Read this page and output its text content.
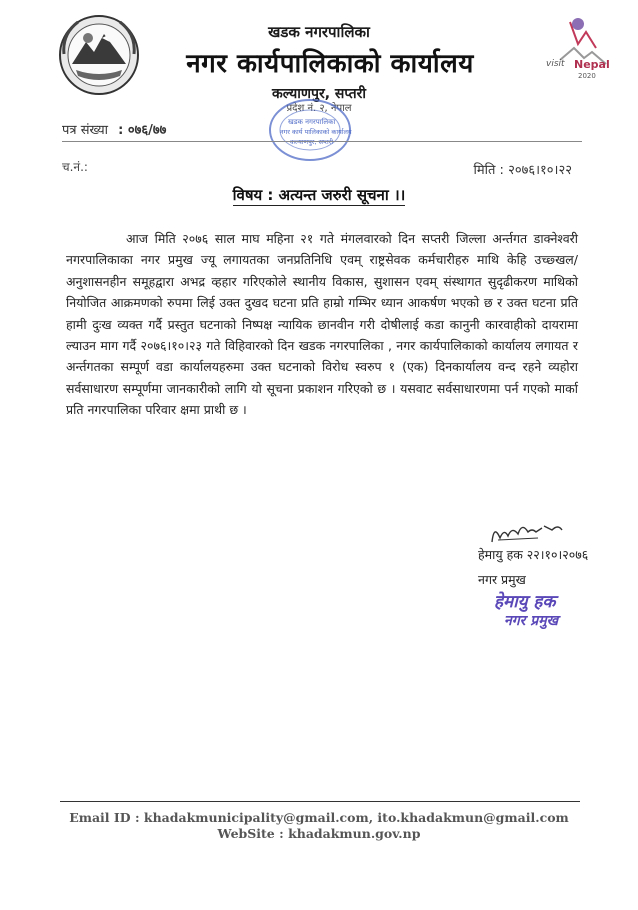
visit Nepal
2020
खडक नगरपालिका
नगर कार्यपालिकाको कार्यालय
कल्याणपुर, सप्तरी
प्रदेश नं. २, नेपाल
खडक नगरपालिका
नगर कार्य पालिकाको कार्यालय
कल्याणपुर, सप्तरी
पत्र संख्या : ०७६/७७
च.नं.:	मिति : २०७६।१०।२२
विषय : अत्यन्त जरुरी सूचना ।।

आज मिति २०७६ साल माघ महिना २१ गते मंगलवारको दिन सप्तरी जिल्ला अर्न्तगत डाक्नेश्वरी नगरपालिकाका नगर प्रमुख ज्यू लगायतका जनप्रतिनिधि एवम् राष्ट्रसेवक कर्मचारीहरु माथि केहि उच्छ्खल/अनुशासनहीन समूहद्वारा अभद्र व्हहार गरिएकोले स्थानीय विकास, सुशासन एवम् संस्थागत सुदृढीकरण माथिको नियोजित आक्रमणको रुपमा लिई उक्त दुखद घटना प्रति हाम्रो गम्भिर ध्यान आकर्षण भएको छ र उक्त घटना प्रति हामी दुःख व्यक्त गर्दै प्रस्तुत घटनाको निष्पक्ष न्यायिक छानवीन गरी दोषीलाई कडा कानुनी कारवाहीको दायरामा ल्याउन माग गर्दै २०७६।१०।२३ गते विहिवारको दिन खडक नगरपालिका , नगर कार्यपालिकाको कार्यालय लगायत र अर्न्तगतका सम्पूर्ण वडा कार्यालयहरुमा उक्त घटनाको विरोध स्वरुप १ (एक) दिनकार्यालय वन्द रहने व्यहोरा सर्वसाधारण सम्पूर्णमा जानकारीको लागि यो सूचना प्रकाशन गरिएको छ । यसवाट सर्वसाधारणमा पर्न गएको मार्का प्रति नगरपालिका परिवार क्षमा प्राथी छ ।

हेमायु हक २२।१०।२०७६
नगर प्रमुख
हेमायु हक
नगर प्रमुख
Email ID : khadakmunicipality@gmail.com, ito.khadakmun@gmail.com
WebSite : khadakmun.gov.np
